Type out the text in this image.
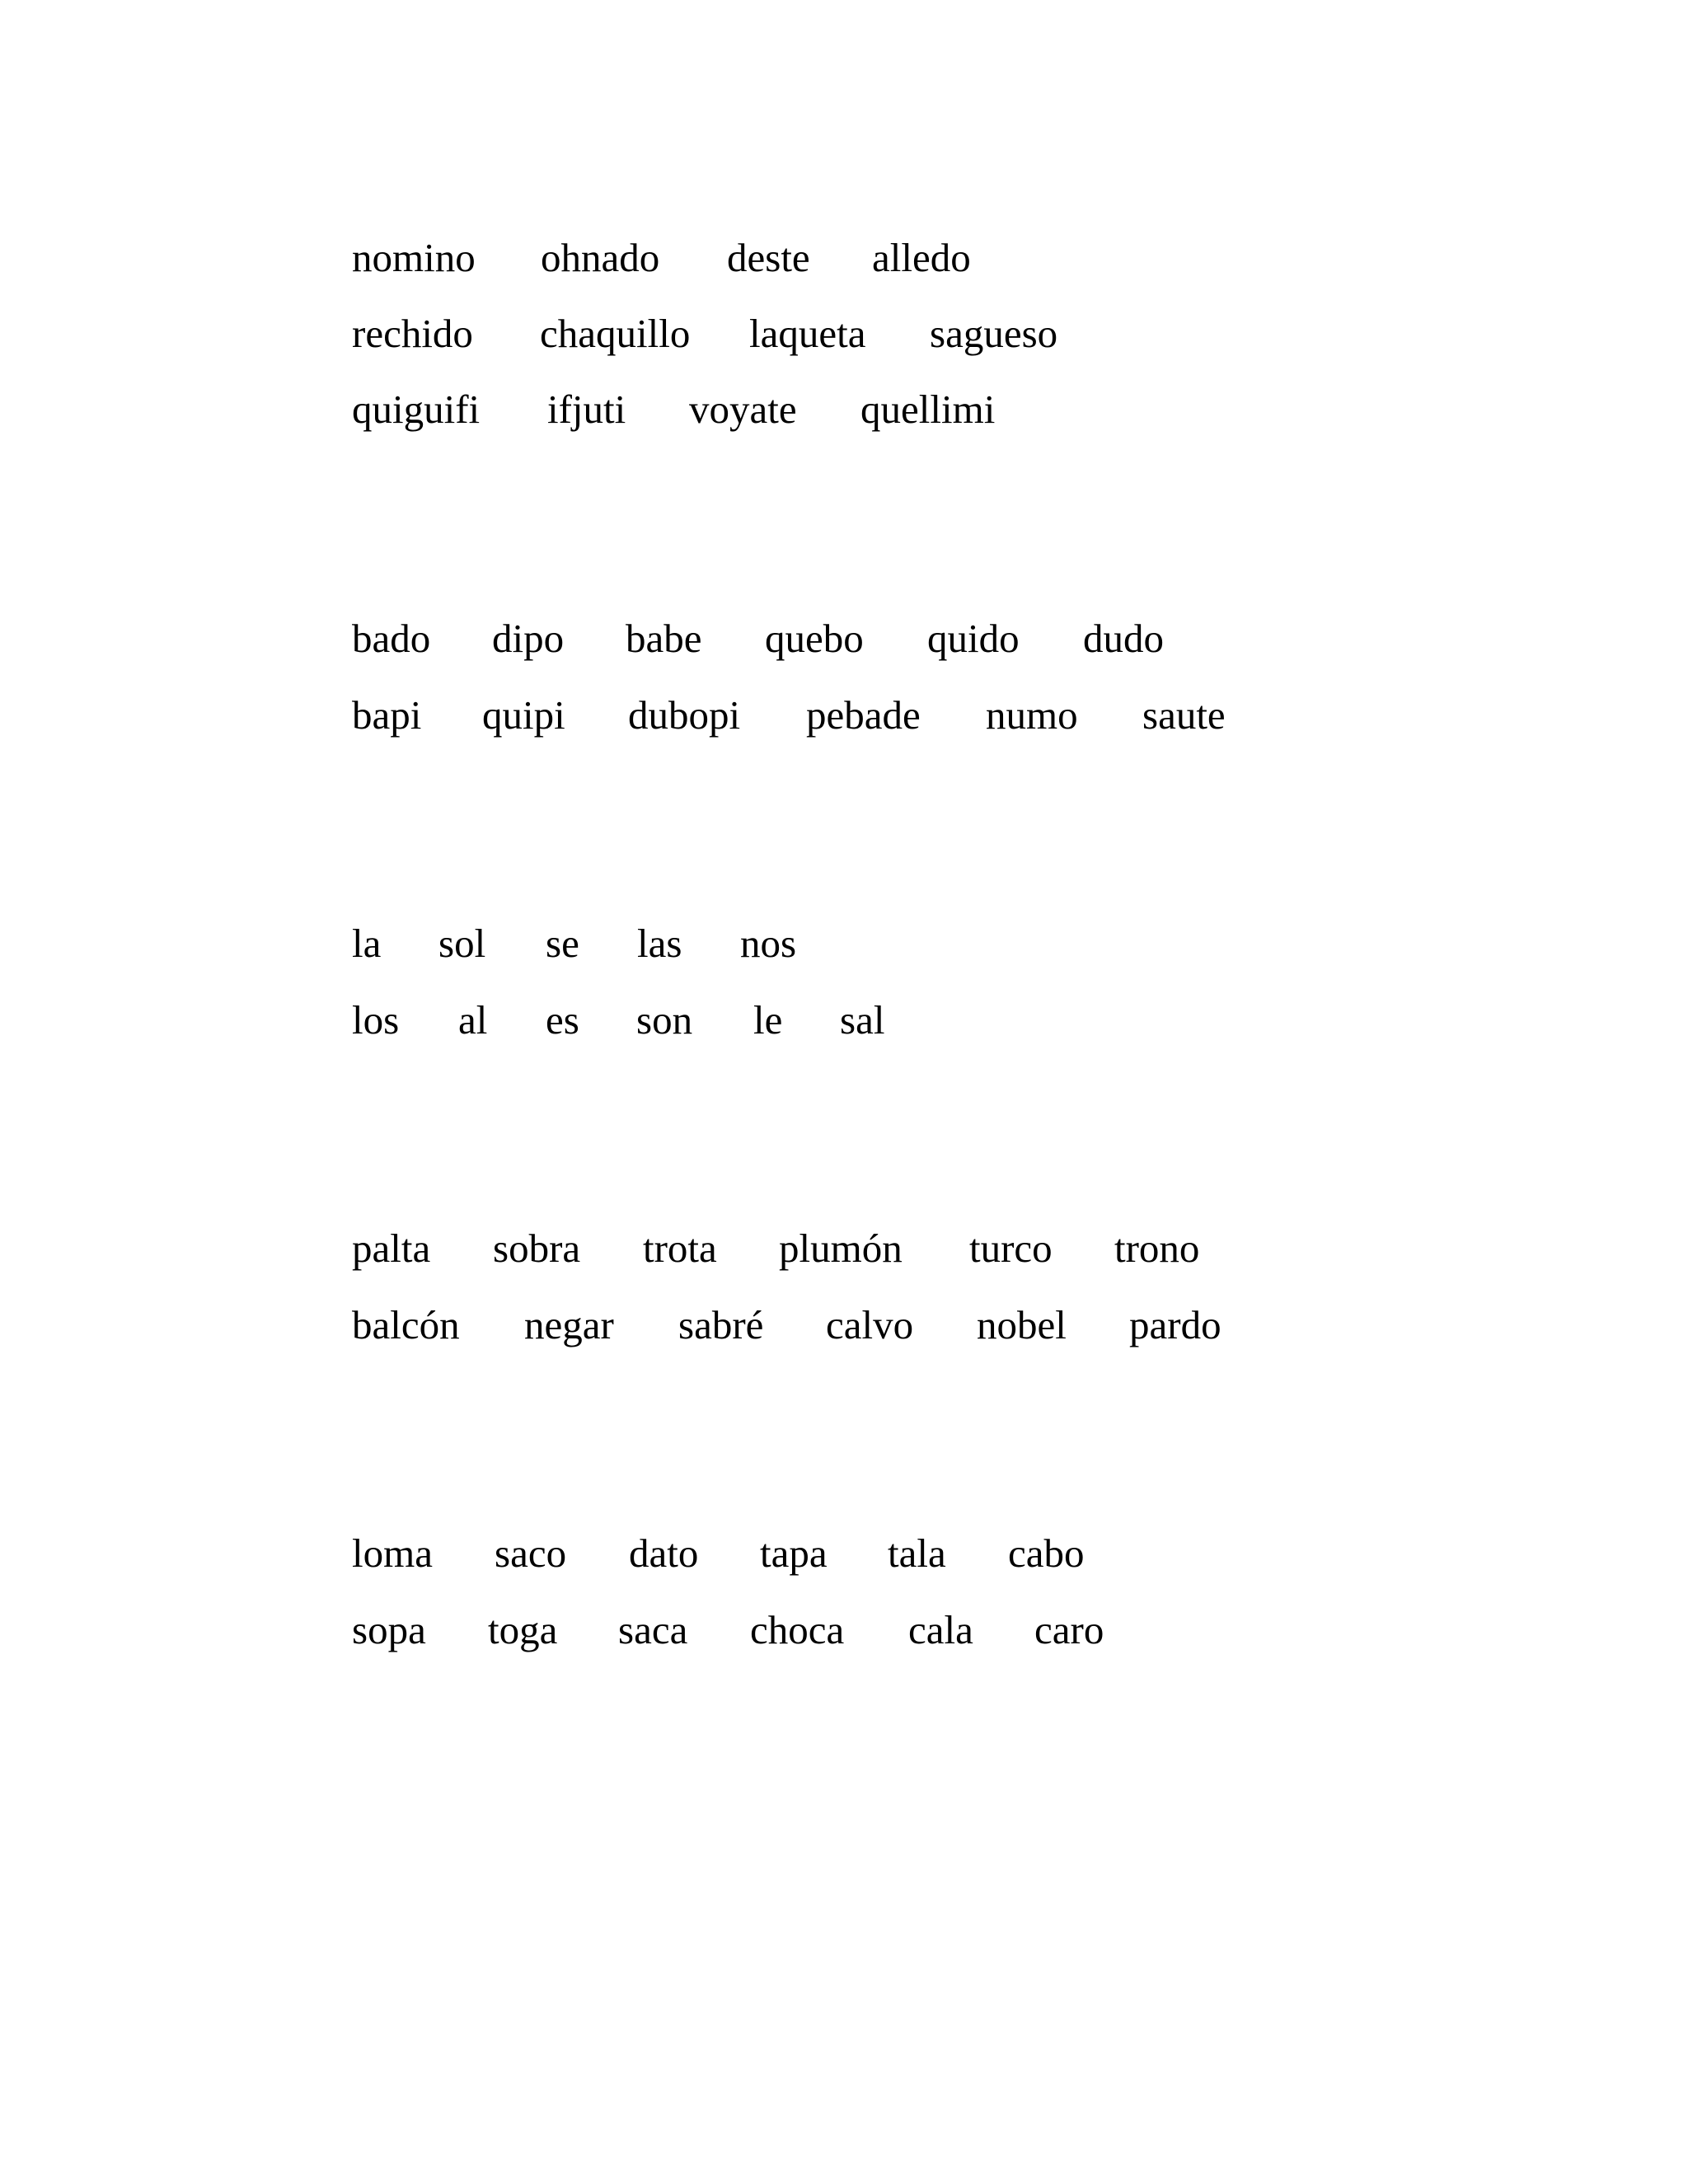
nomino ohnado deste alledo
rechido chaquillo laqueta sagueso
quiguifi ifjuti voyate quellimi
bado dipo babe quebo quido dudo
bapi quipi dubopi pebade numo saute
la sol se las nos
los al es son le sal
palta sobra trota plumón turco trono
balcón negar sabré calvo nobel pardo
loma saco dato tapa tala cabo
sopa toga saca choca cala caro
